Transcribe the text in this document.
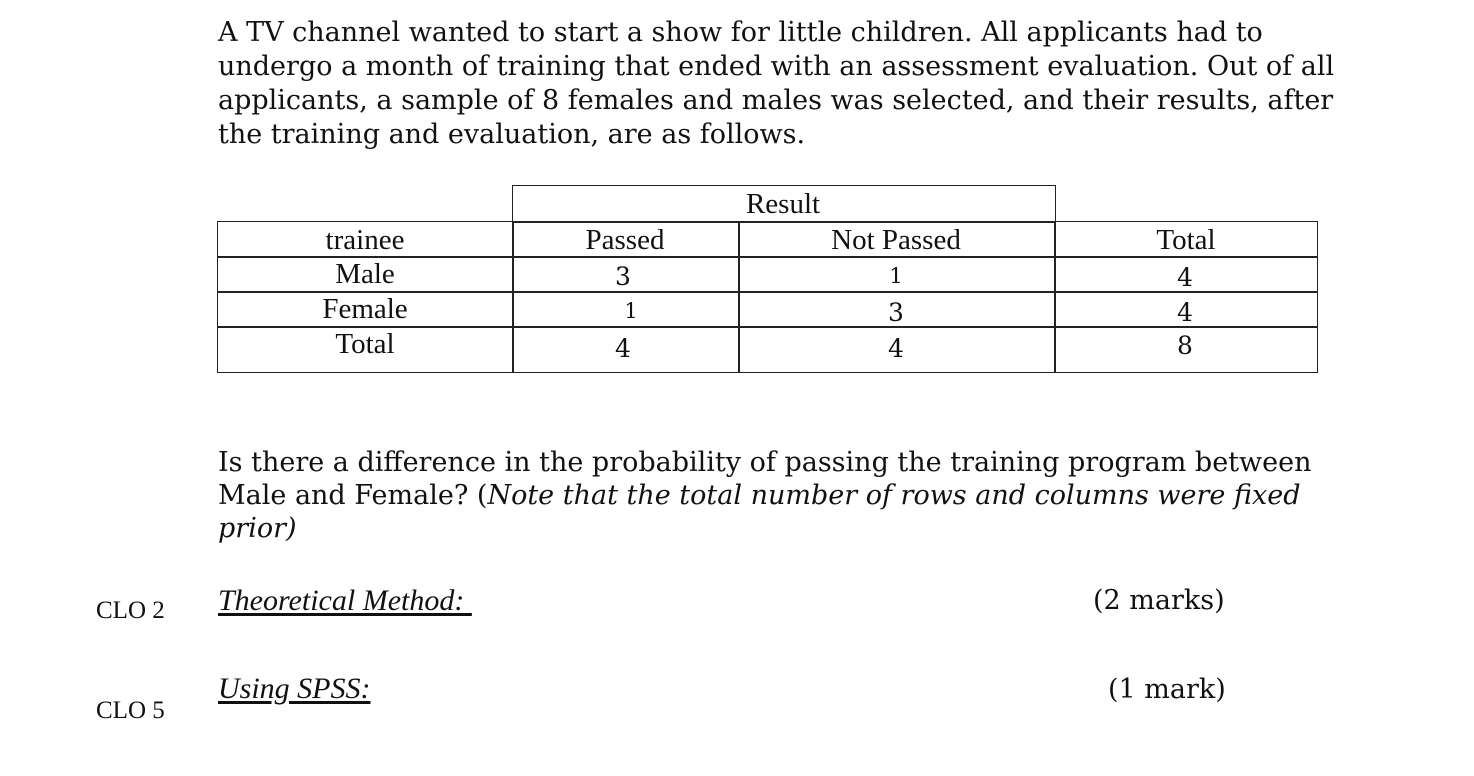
A TV channel wanted to start a show for little children. All applicants had to
undergo a month of training that ended with an assessment evaluation. Out of all
applicants, a sample of 8 females and males was selected, and their results, after
the training and evaluation, are as follows.
Result
trainee	Passed	Not Passed	Total
Male	3	1	4
Female	1	3	4
Total	4	4	8
Is there a difference in the probability of passing the training program between
Male and Female? (Note that the total number of rows and columns were fixed
prior)
CLO 2 Theoretical Method:	(2 marks)
CLO 5
Using SPSS:	(1 mark)
